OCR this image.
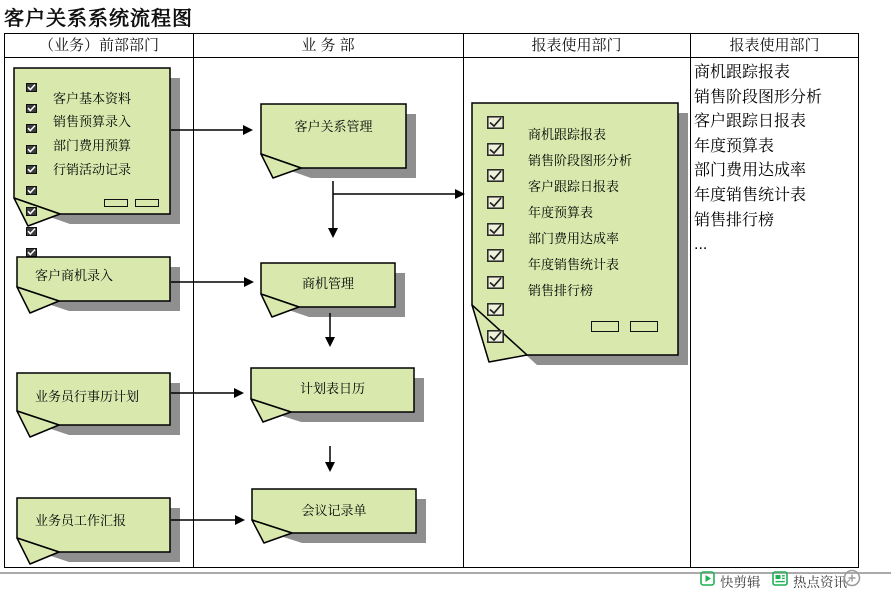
客户关系系统流程图
（业务）前部部门	业 务 部	报表使用部门	报表使用部门
客户基本资料
销售预算录入
部门费用预算
行销活动记录
客户商机录入
业务员行事历计划
业务员工作汇报
客户关系管理
商机管理
计划表日历
会议记录单
商机跟踪报表
销售阶段图形分析
客户跟踪日报表
年度预算表
部门费用达成率
年度销售统计表
销售排行榜
商机跟踪报表
销售阶段图形分析
客户跟踪日报表
年度预算表
部门费用达成率
年度销售统计表
销售排行榜
...
快剪辑 热点资讯
